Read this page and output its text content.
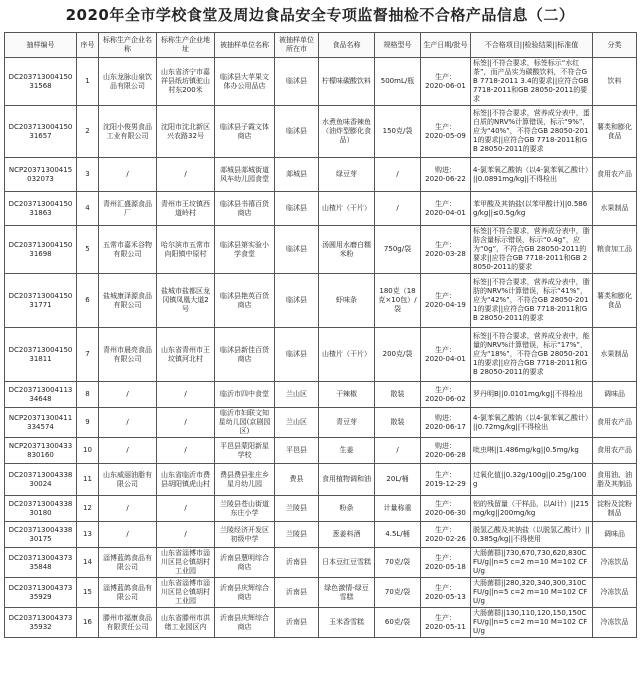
2020年全市学校食堂及周边食品安全专项监督抽检不合格产品信息（二）
抽样编号	序号	标称生产企业名称	标称生产企业地址	被抽样单位名称	被抽样单位所在市	食品名称	规格型号	生产日期/批号	不合格项目||检验结果||标准值	分类
DC20371300415031568	1	山东龙脉山泉饮品有限公司	山东省济宁市嘉祥县纸坊镇驼山村东200米	临沭县大苹果文体办公用品店	临沭县	柠檬味碳酸饮料	500mL/瓶	生产：
2020-06-01	标签||不符合要求，标签标示“水红茶”，而产品实为碳酸饮料，不符合GB 7718-2011 3.4的要求||应符合GB 7718-2011和GB 28050-2011的要求	饮料
DC20371300415031657	2	沈阳小俊男食品工业有限公司	沈阳市沈北新区兴农路32号	临沭县子霞文体商店	临沭县	水煮鱼味香辣鱼（油炸型膨化食品）	150克/袋	生产：
2020-05-09	标签||不符合要求，营养成分表中，蛋白质的NRV%计算错误，标示“9%”，应为“40%”，不符合GB 28050-2011的要求||应符合GB 7718-2011和GB 28050-2011的要求	薯类和膨化食品
NCP20371300415032073	3	/	/	郯城县郯城街道风车幼儿园食堂	郯城县	绿豆芽	/	购进：
2020-06-22	4-氯苯氧乙酸钠（以4-氯苯氧乙酸计）||0.0891mg/kg||不得检出	食用农产品
DC20371300415031863	4	青州汇盛源食品厂	青州市王坟镇西道岭村	临沭县书禧百货商店	临沭县	山楂片（干片）	/	生产：
2020-04-01	苯甲酸及其钠盐(以苯甲酸计)||0.586g/kg||≤0.5g/kg	水果制品
DC20371300415031698	5	五常市嘉禾谷物有限公司	哈尔滨市五常市向阳镇中原村	临沭县第实验小学食堂	临沭县	汤圆用水磨白糯米粉	750g/袋	生产：
2020-03-28	标签||不符合要求，营养成分表中，脂肪含量标示错误，标示“0.4g”，应为“0g”，不符合GB 28050-2011的要求||应符合GB 7718-2011和GB 28050-2011的要求	粮食加工品
DC20371300415031771	6	盐城康泽源食品有限公司	盐城市盐都区龙冈镇凤凰大道2号	临沭县艳英百货商店	临沭县	虾味条	180克（18克×10包）/袋	生产：
2020-04-19	标签||不符合要求，营养成分表中，脂肪的NRV%计算错误，标示“41%”，应为“42%”，不符合GB 28050-2011的要求||应符合GB 7718-2011和GB 28050-2011的要求	薯类和膨化食品
DC20371300415031811	7	青州市晨亮食品有限公司	山东省青州市王坟镇河北村	临沭县新佳百货商店	临沭县	山楂片（干片）	200克/袋	生产：
2020-04-01	标签||不符合要求，营养成分表中，能量的NRV%计算错误，标示“17%”，应为“18%”，不符合GB 28050-2011的要求||应符合GB 7718-2011和GB 28050-2011的要求	水果制品
DC20371300411334648	8	/	/	临沂市四中食堂	兰山区	干辣椒	散装	生产：
2020-06-02	罗丹明B||0.0101mg/kg||不得检出	调味品
NCP20371300411334574	9	/	/	临沂市妇联文知星幼儿园(京剧园区)	兰山区	青豆芽	散装	购进：
2020-06-17	4-氯苯氧乙酸钠（以4-氯苯氧乙酸计）||0.72mg/kg||不得检出	食用农产品
NCP20371300433830160	10	/	/	平邑县蒙阳新星学校	平邑县	生姜	/	购进：
2020-06-28	吡虫啉||1.486mg/kg||0.5mg/kg	食用农产品
DC20371300433830024	11	山东威丽油脂有限公司	山东省临沂市费县胡阳镇虎山村	费县费县张庄乡星月幼儿园	费县	食用植物调和油	20L/桶	生产：
2019-12-29	过氧化值||0.32g/100g||0.25g/100g	食用油、油脂及其制品
DC20371300433830180	12	/	/	兰陵县苍山街道东庄小学	兰陵县	粉条	计量称重	生产：
2020-06-30	铝的残留量（干样品，以Al计）||215mg/kg||200mg/kg	淀粉及淀粉制品
DC20371300433830175	13	/	/	兰陵经济开发区初级中学	兰陵县	葱姜料酒	4.5L/桶	生产：
2020-02-26	脱氢乙酸及其钠盐（以脱氢乙酸计）||0.385g/kg||不得使用	调味品
DC20371300437335848	14	淄博蓝鸽食品有限公司	山东省淄博市淄川区昆仑镇胡村工业园	沂南县慧明综合商店	沂南县	日本豆红豆雪糕	70克/袋	生产：
2020-05-18	大肠菌群||730,670,730,620,830CFU/g||n=5 c=2 m=10 M=102 CFU/g	冷冻饮品
DC20371300437335929	15	淄博蓝鸽食品有限公司	山东省淄博市淄川区昆仑镇胡村工业园	沂南县庆辉综合商店	沂南县	绿色激情-绿豆雪糕	70克/袋	生产：
2020-05-13	大肠菌群||280,320,340,300,310CFU/g||n=5 c=2 m=10 M=102 CFU/g	冷冻饮品
DC20371300437335932	16	滕州市福康食品有限责任公司	山东省滕州市洪绪工业园区内	沂南县庆辉综合商店	沂南县	玉米香雪糕	60克/袋	生产：
2020-05-11	大肠菌群||130,110,120,150,150CFU/g||n=5 c=2 m=10 M=102 CFU/g	冷冻饮品
